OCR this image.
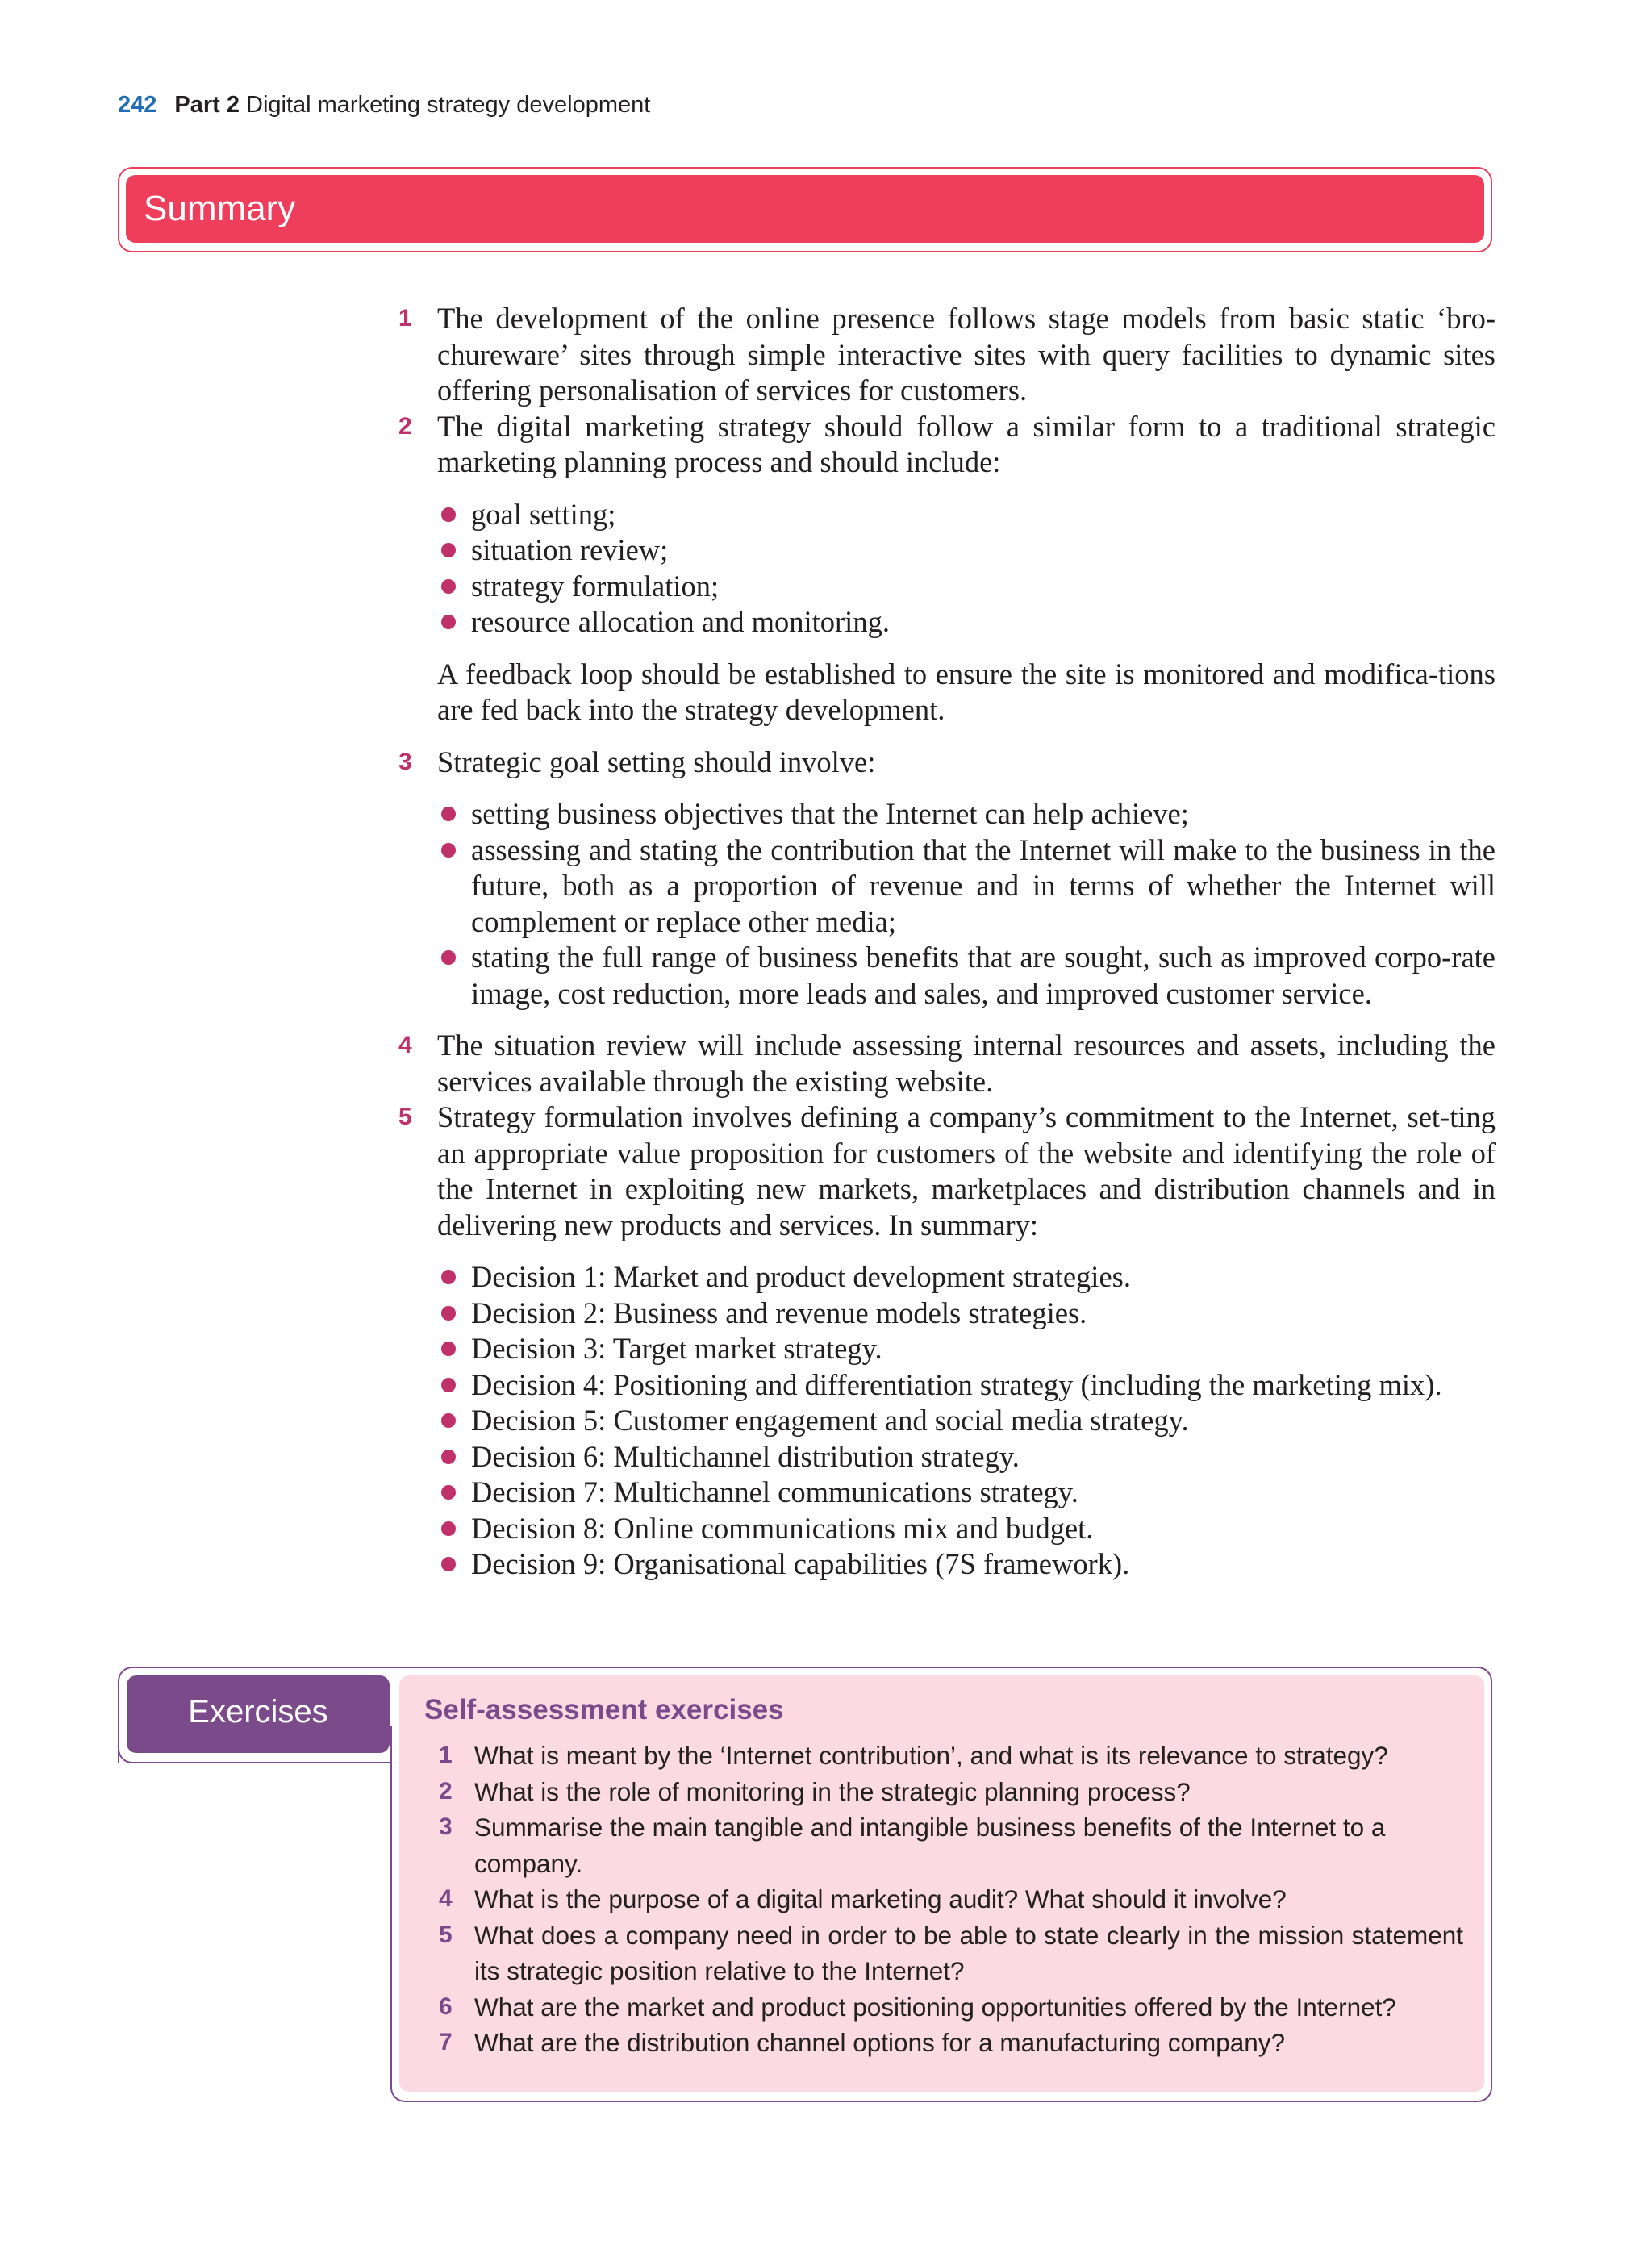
242 Part 2 Digital marketing strategy development
Summary
1 The development of the online presence follows stage models from basic static ‘bro-chureware’ sites through simple interactive sites with query facilities to dynamic sites offering personalisation of services for customers.
2 The digital marketing strategy should follow a similar form to a traditional strategic marketing planning process and should include:
goal setting;
situation review;
strategy formulation;
resource allocation and monitoring.
A feedback loop should be established to ensure the site is monitored and modifica-tions are fed back into the strategy development.
3 Strategic goal setting should involve:
setting business objectives that the Internet can help achieve;
assessing and stating the contribution that the Internet will make to the business in the future, both as a proportion of revenue and in terms of whether the Internet will complement or replace other media;
stating the full range of business benefits that are sought, such as improved corpo-rate image, cost reduction, more leads and sales, and improved customer service.
4 The situation review will include assessing internal resources and assets, including the services available through the existing website.
5 Strategy formulation involves defining a company’s commitment to the Internet, set-ting an appropriate value proposition for customers of the website and identifying the role of the Internet in exploiting new markets, marketplaces and distribution channels and in delivering new products and services. In summary:
Decision 1: Market and product development strategies.
Decision 2: Business and revenue models strategies.
Decision 3: Target market strategy.
Decision 4: Positioning and differentiation strategy (including the marketing mix).
Decision 5: Customer engagement and social media strategy.
Decision 6: Multichannel distribution strategy.
Decision 7: Multichannel communications strategy.
Decision 8: Online communications mix and budget.
Decision 9: Organisational capabilities (7S framework).
Exercises	Self-assessment exercises
1 What is meant by the ‘Internet contribution’, and what is its relevance to strategy?
2 What is the role of monitoring in the strategic planning process?
3 Summarise the main tangible and intangible business benefits of the Internet to a company.
4 What is the purpose of a digital marketing audit? What should it involve?
5 What does a company need in order to be able to state clearly in the mission statement its strategic position relative to the Internet?
6 What are the market and product positioning opportunities offered by the Internet?
7 What are the distribution channel options for a manufacturing company?
